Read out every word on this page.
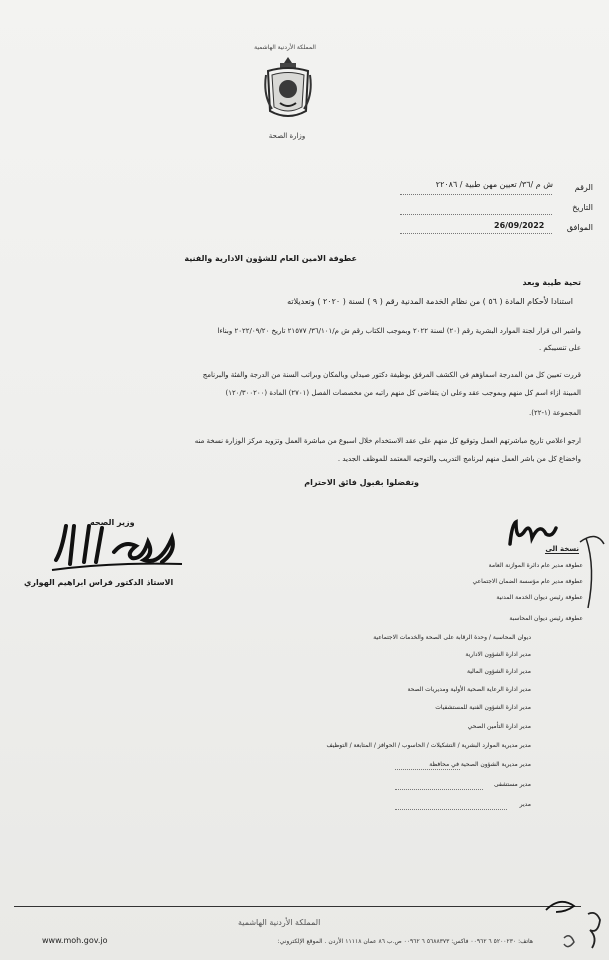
المملكة الأردنية الهاشمية
وزارة الصحة
الرقم
ش م /٣٦/ تعيين مهن طبية / ٢٢٠٨٦
التاريخ
الموافق
26/09/2022
عطوفة الامين العام للشؤون الادارية والفنية
تحية طيبة وبعد
استنادا لأحكام المادة ( ٥٦ ) من نظام الخدمة المدنية رقم ( ٩ ) لسنة ( ٢٠٢٠ ) وتعديلاته
واشير الى قرار لجنة الموارد البشرية رقم (٢٠) لسنة ٢٠٢٢ وبموجب الكتاب رقم ش م/٣٦/١٠١/ ٢١٥٧٧ تاريخ ٢٠٢٢/٠٩/٢٠ وبناءا
على تنسيبكم .
قررت تعيين كل من المدرجة اسماؤهم في الكشف المرفق بوظيفة دكتور صيدلي وبالمكان وبراتب السنة من الدرجة والفئة والبرنامج
المبينة ازاء اسم كل منهم وبموجب عقد وعلى ان يتقاضى كل منهم راتبه من مخصصات الفصل (٢٧٠١) المادة (١٢٠/٣٠٠٢٠٠)
المجموعة (١-٢٢).
ارجو اعلامي تاريخ مباشرتهم العمل وتوقيع كل منهم على عقد الاستخدام خلال اسبوع من مباشرة العمل وتزويد مركز الوزارة نسخة منه
واخضاع كل من باشر العمل منهم لبرنامج التدريب والتوجيه المعتمد للموظف الجديد .
وتفضلوا بقبول فائق الاحترام
وزير الصحه
الاستاذ الدكتور فراس ابراهيم الهواري
نسخة الى
عطوفة مدير عام دائرة الموازنة العامة
عطوفة مدير عام مؤسسة الضمان الاجتماعي
عطوفة رئيس ديوان الخدمة المدنية
عطوفة رئيس ديوان المحاسبة
ديوان المحاسبة / وحدة الرقابة على الصحة والخدمات الاجتماعية
مدير ادارة الشؤون الادارية
مدير ادارة الشؤون المالية
مدير ادارة الرعاية الصحية الأولية ومديريات الصحة
مدير ادارة الشؤون الفنية للمستشفيات
مدير ادارة التأمين الصحي
مدير مديرية الموارد البشرية / التشكيلات / الحاسوب / الحوافز / المتابعة / التوظيف
مدير مديرية الشؤون الصحية في محافظة
مدير مستشفى
مدير
المملكة الأردنية الهاشمية
هاتف: ٥٢٠٠٢٣٠ ٦ ٠٠٩٦٢ فاكس: ٥٦٨٨٣٧٣ ٦ ٠٠٩٦٢ ص.ب ٨٦ عمان ١١١١٨ الأردن . الموقع الإلكتروني:
www.moh.gov.jo
